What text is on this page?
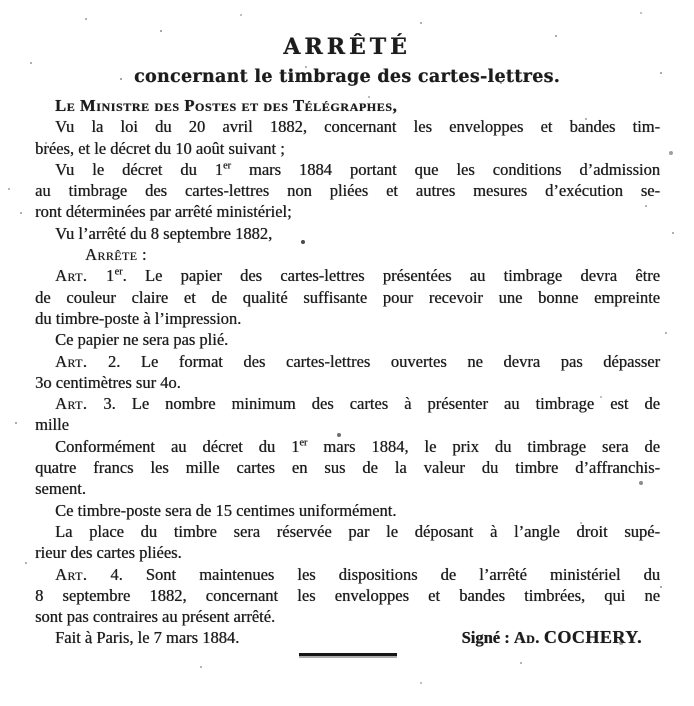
ARRÊTÉ
concernant le timbrage des cartes-lettres.
Le Ministre des Postes et des Télégraphes,
Vu la loi du 20 avril 1882, concernant les enveloppes et bandes tim-
brées, et le décret du 10 août suivant ;
Vu le décret du 1er mars 1884 portant que les conditions d’admission
au timbrage des cartes-lettres non pliées et autres mesures d’exécution se-
ront déterminées par arrêté ministériel;
Vu l’arrêté du 8 septembre 1882,
Arrête :
Art. 1er. Le papier des cartes-lettres présentées au timbrage devra être
de couleur claire et de qualité suffisante pour recevoir une bonne empreinte
du timbre-poste à l’impression.
Ce papier ne sera pas plié.
Art. 2. Le format des cartes-lettres ouvertes ne devra pas dépasser
3o centimètres sur 4o.
Art. 3. Le nombre minimum des cartes à présenter au timbrage est de
mille
Conformément au décret du 1er mars 1884, le prix du timbrage sera de
quatre francs les mille cartes en sus de la valeur du timbre d’affranchis-
sement.
Ce timbre-poste sera de 15 centimes uniformément.
La place du timbre sera réservée par le déposant à l’angle droit supé-
rieur des cartes pliées.
Art. 4. Sont maintenues les dispositions de l’arrêté ministériel du
8 septembre 1882, concernant les enveloppes et bandes timbrées, qui ne
sont pas contraires au présent arrêté.
Fait à Paris, le 7 mars 1884.	Signé : Ad. COCHERY.
